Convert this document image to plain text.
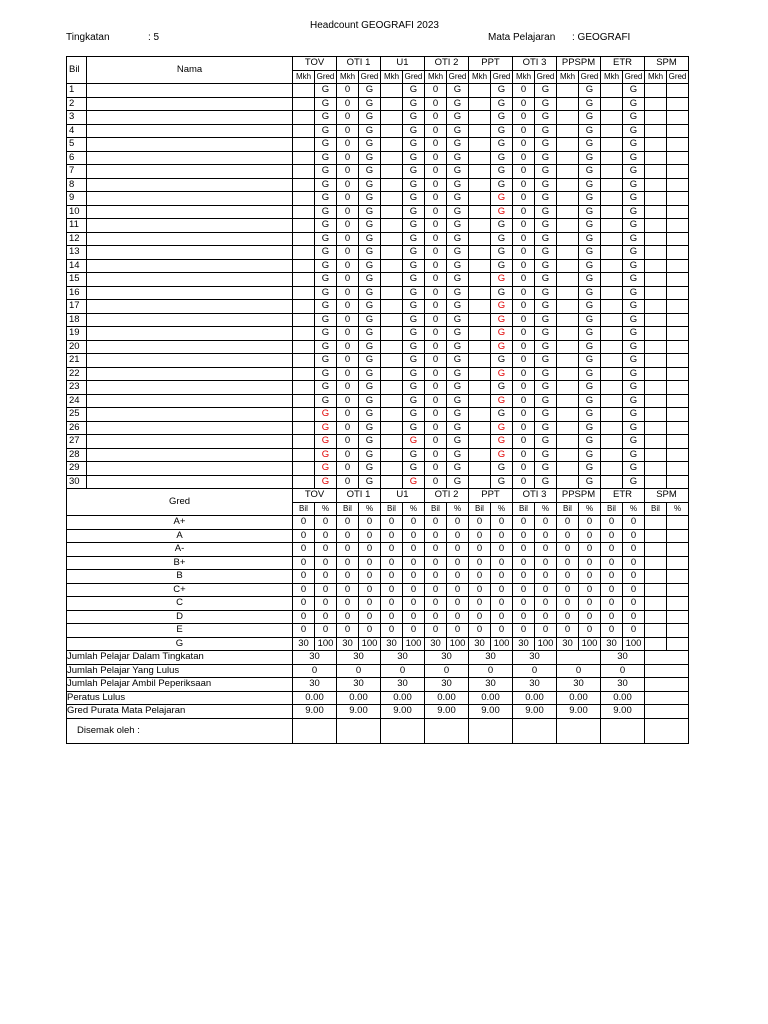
Headcount GEOGRAFI 2023
Tingkatan	: 5	Mata Pelajaran : GEOGRAFI
Bil	Nama	TOV		OTI 1		U1		OTI 2		PPT		OTI 3		PPSPM		ETR		SPM	
		Mkh	Gred	Mkh	Gred	Mkh	Gred	Mkh	Gred	Mkh	Gred	Mkh	Gred	Mkh	Gred	Mkh	Gred	Mkh	Gred
1			G	0	G		G	0	G		G	0	G		G		G		
2			G	0	G		G	0	G		G	0	G		G		G		
3			G	0	G		G	0	G		G	0	G		G		G		
4			G	0	G		G	0	G		G	0	G		G		G		
5			G	0	G		G	0	G		G	0	G		G		G		
6			G	0	G		G	0	G		G	0	G		G		G		
7			G	0	G		G	0	G		G	0	G		G		G		
8			G	0	G		G	0	G		G	0	G		G		G		
9			G	0	G		G	0	G		G	0	G		G		G		
10			G	0	G		G	0	G		G	0	G		G		G		
11			G	0	G		G	0	G		G	0	G		G		G		
12			G	0	G		G	0	G		G	0	G		G		G		
13			G	0	G		G	0	G		G	0	G		G		G		
14			G	0	G		G	0	G		G	0	G		G		G		
15			G	0	G		G	0	G		G	0	G		G		G		
16			G	0	G		G	0	G		G	0	G		G		G		
17			G	0	G		G	0	G		G	0	G		G		G		
18			G	0	G		G	0	G		G	0	G		G		G		
19			G	0	G		G	0	G		G	0	G		G		G		
20			G	0	G		G	0	G		G	0	G		G		G		
21			G	0	G		G	0	G		G	0	G		G		G		
22			G	0	G		G	0	G		G	0	G		G		G		
23			G	0	G		G	0	G		G	0	G		G		G		
24			G	0	G		G	0	G		G	0	G		G		G		
25			G	0	G		G	0	G		G	0	G		G		G		
26			G	0	G		G	0	G		G	0	G		G		G		
27			G	0	G		G	0	G		G	0	G		G		G		
28			G	0	G		G	0	G		G	0	G		G		G		
29			G	0	G		G	0	G		G	0	G		G		G		
30			G	0	G		G	0	G		G	0	G		G		G		
Gred		TOV		OTI 1		U1		OTI 2		PPT		OTI 3		PPSPM		ETR		SPM	
		Bil	%	Bil	%	Bil	%	Bil	%	Bil	%	Bil	%	Bil	%	Bil	%	Bil	%
A+		0	0	0	0	0	0	0	0	0	0	0	0	0	0	0	0		
A		0	0	0	0	0	0	0	0	0	0	0	0	0	0	0	0		
A-		0	0	0	0	0	0	0	0	0	0	0	0	0	0	0	0		
B+		0	0	0	0	0	0	0	0	0	0	0	0	0	0	0	0		
B		0	0	0	0	0	0	0	0	0	0	0	0	0	0	0	0		
C+		0	0	0	0	0	0	0	0	0	0	0	0	0	0	0	0		
C		0	0	0	0	0	0	0	0	0	0	0	0	0	0	0	0		
D		0	0	0	0	0	0	0	0	0	0	0	0	0	0	0	0		
E		0	0	0	0	0	0	0	0	0	0	0	0	0	0	0	0		
G		30	100	30	100	30	100	30	100	30	100	30	100	30	100	30	100		
Jumlah Pelajar Dalam Tingkatan		30		30		30		30		30		30				30			
Jumlah Pelajar Yang Lulus		0		0		0		0		0		0		0		0			
Jumlah Pelajar Ambil Peperiksaan		30		30		30		30		30		30		30		30			
Peratus Lulus		0.00		0.00		0.00		0.00		0.00		0.00		0.00		0.00			
Gred Purata Mata Pelajaran		9.00		9.00		9.00		9.00		9.00		9.00		9.00		9.00			
Disemak oleh :																			
